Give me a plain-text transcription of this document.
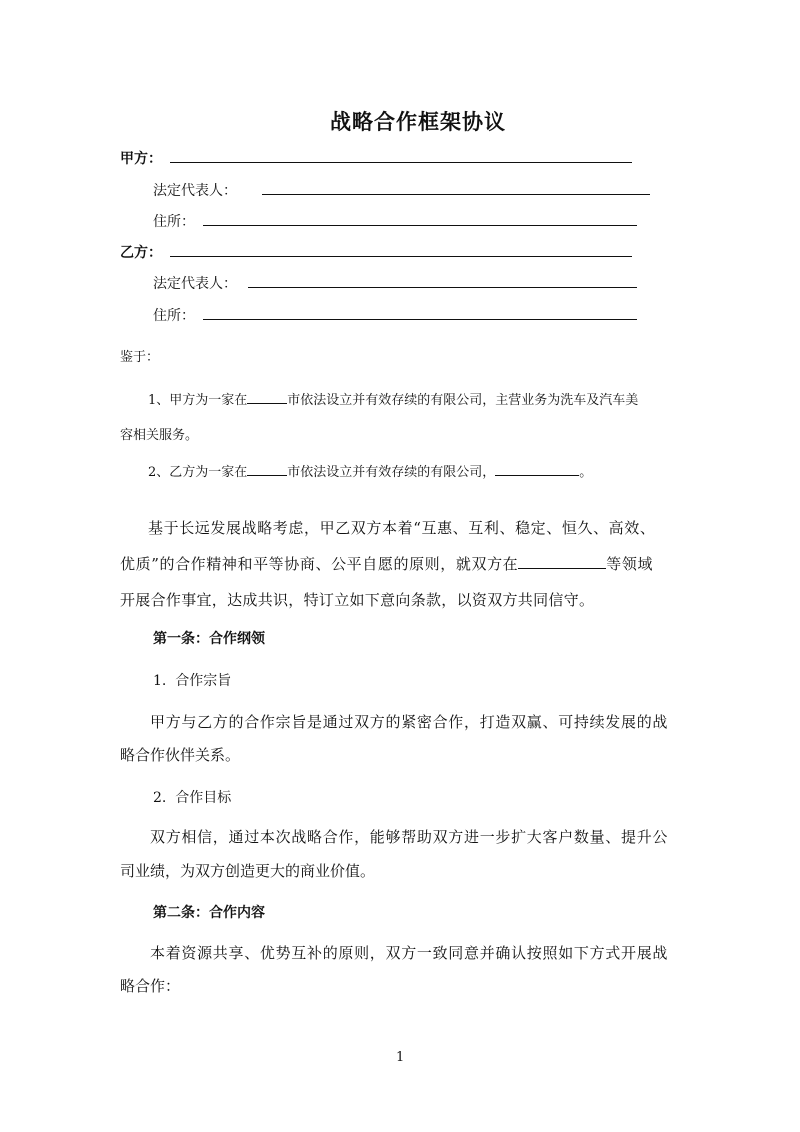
战略合作框架协议
甲方：
法定代表人：
住所：
乙方：
法定代表人：
住所：
鉴于：
1、甲方为一家在	市依法设立并有效存续的有限公司，主营业务为洗车及汽车美
容相关服务。
2、乙方为一家在	市依法设立并有效存续的有限公司，	。
基于长远发展战略考虑，甲乙双方本着“互惠、互利、稳定、恒久、高效、
优质”的合作精神和平等协商、公平自愿的原则，就双方在	等领域
开展合作事宜，达成共识，特订立如下意向条款，以资双方共同信守。
第一条：合作纲领
1.  合作宗旨
甲方与乙方的合作宗旨是通过双方的紧密合作，打造双赢、可持续发展的战
略合作伙伴关系。
2.  合作目标
双方相信，通过本次战略合作，能够帮助双方进一步扩大客户数量、提升公
司业绩，为双方创造更大的商业价值。
第二条：合作内容
本着资源共享、优势互补的原则，双方一致同意并确认按照如下方式开展战
略合作：
1
